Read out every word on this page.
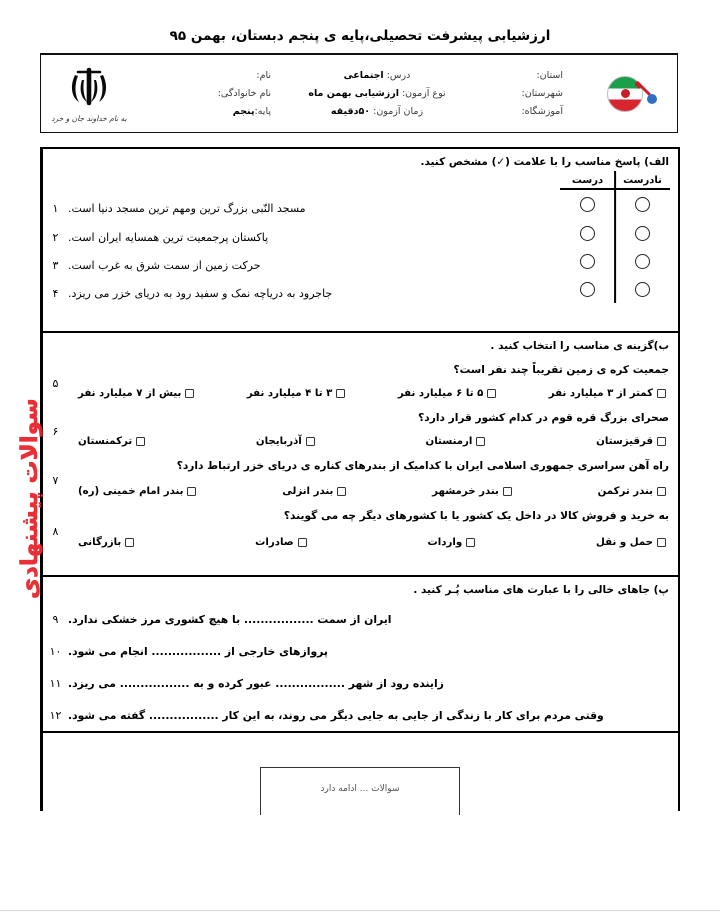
ارزشیابی پیشرفت تحصیلی،پایه ی پنجم دبستان، بهمن ۹۵
استان:
شهرستان:
آموزشگاه:
درس: اجتماعی
نوع آزمون: ارزشیابی بهمن ماه
زمان آزمون: ۵۰دقیقه
نام:
نام خانوادگی:
پایه:پنجم
به نام خداوند جان و خرد
الف) پاسخ مناسب را با علامت (✓) مشخص کنید.
نادرست
درست
مسجد النّبی بزرگ ترین ومهم ترین مسجد دنیا است.
پاکستان پرجمعیت ترین همسایه ایران است.
حرکت زمین از سمت شرق به غرب است.
جاجرود به دریاچه نمک و سفید رود به دریای خزر می ریزد.
۱
۲
۳
۴
ب)گزینه ی مناسب را انتخاب کنید .
جمعیت کره ی زمین تقریباً چند نفر است؟
کمتر از ۳ میلیارد نفر
۵ تا ۶ میلیارد نفر
۳ تا ۴ میلیارد نفر
بیش از ۷ میلیارد نفر
صحرای بزرگ قره قوم در کدام کشور قرار دارد؟
قرقیزستان
ارمنستان
آذربایجان
ترکمنستان
راه آهن سراسری جمهوری اسلامی ایران با کدامیک از بندرهای کناره ی دریای خزر ارتباط دارد؟
بندر ترکمن
بندر خرمشهر
بندر انزلی
بندر امام خمینی (ره)
به خرید و فروش کالا در داخل یک کشور یا با کشورهای دیگر چه می گویند؟
حمل و نقل
واردات
صادرات
بازرگانی
۵
۶
۷
۸
پ) جاهای خالی را با عبارت های مناسب پُـر کنید .
ایران از سمت ................. با هیچ کشوری مرز خشکی ندارد.
پروازهای خارجی از ................. انجام می شود.
زاینده رود از شهر ................. عبور کرده و به ................. می ریزد.
وقتی مردم برای کار با زندگی از جایی به جایی دیگر می روند، به این کار ................. گفته می شود.
۹
۱۰
۱۱
۱۲
سوالات ... ادامه دارد
سوالات پیشنهادی
